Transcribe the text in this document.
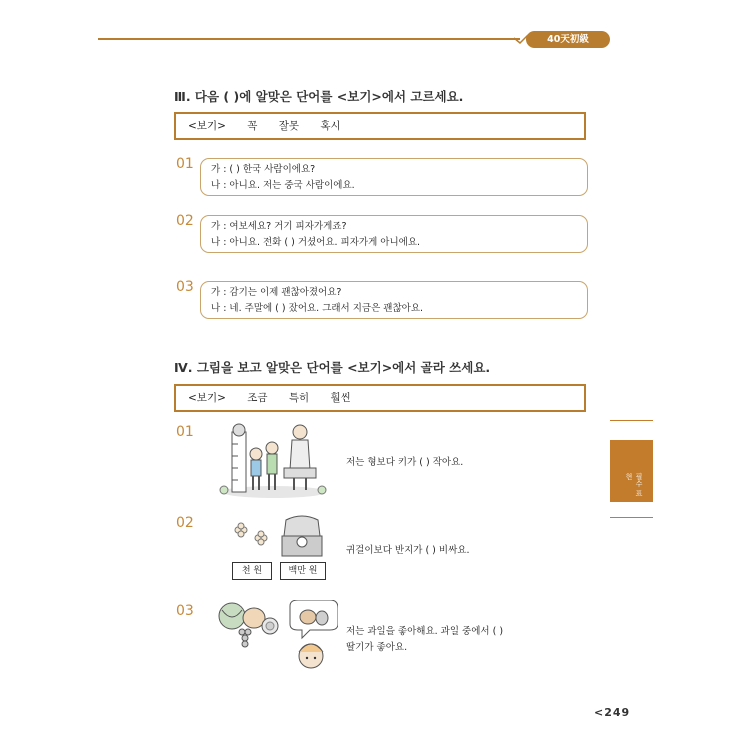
40天初級
Ⅲ. 다음 ( )에 알맞은 단어를 <보기>에서 고르세요.
<보기> 꼭 잘못 혹시
01 가 : ( ) 한국 사람이에요?
나 : 아니요. 저는 중국 사람이에요.
02 가 : 여보세요? 거기 피자가게죠?
나 : 아니요. 전화 ( ) 거셨어요. 피자가게 아니에요.
03 가 : 감기는 이제 괜찮아졌어요?
나 : 네. 주말에 ( ) 잤어요. 그래서 지금은 괜찮아요.
Ⅳ. 그림을 보고 알맞은 단어를 <보기>에서 골라 쓰세요.
<보기> 조금 특히 훨씬
01
저는 형보다 키가 ( ) 작아요.
02
천 원	백만 원
귀걸이보다 반지가 ( ) 비싸요.
03
저는 과일을 좋아해요. 과일 중에서 ( )
딸기가 좋아요.
필수 표현
<249
